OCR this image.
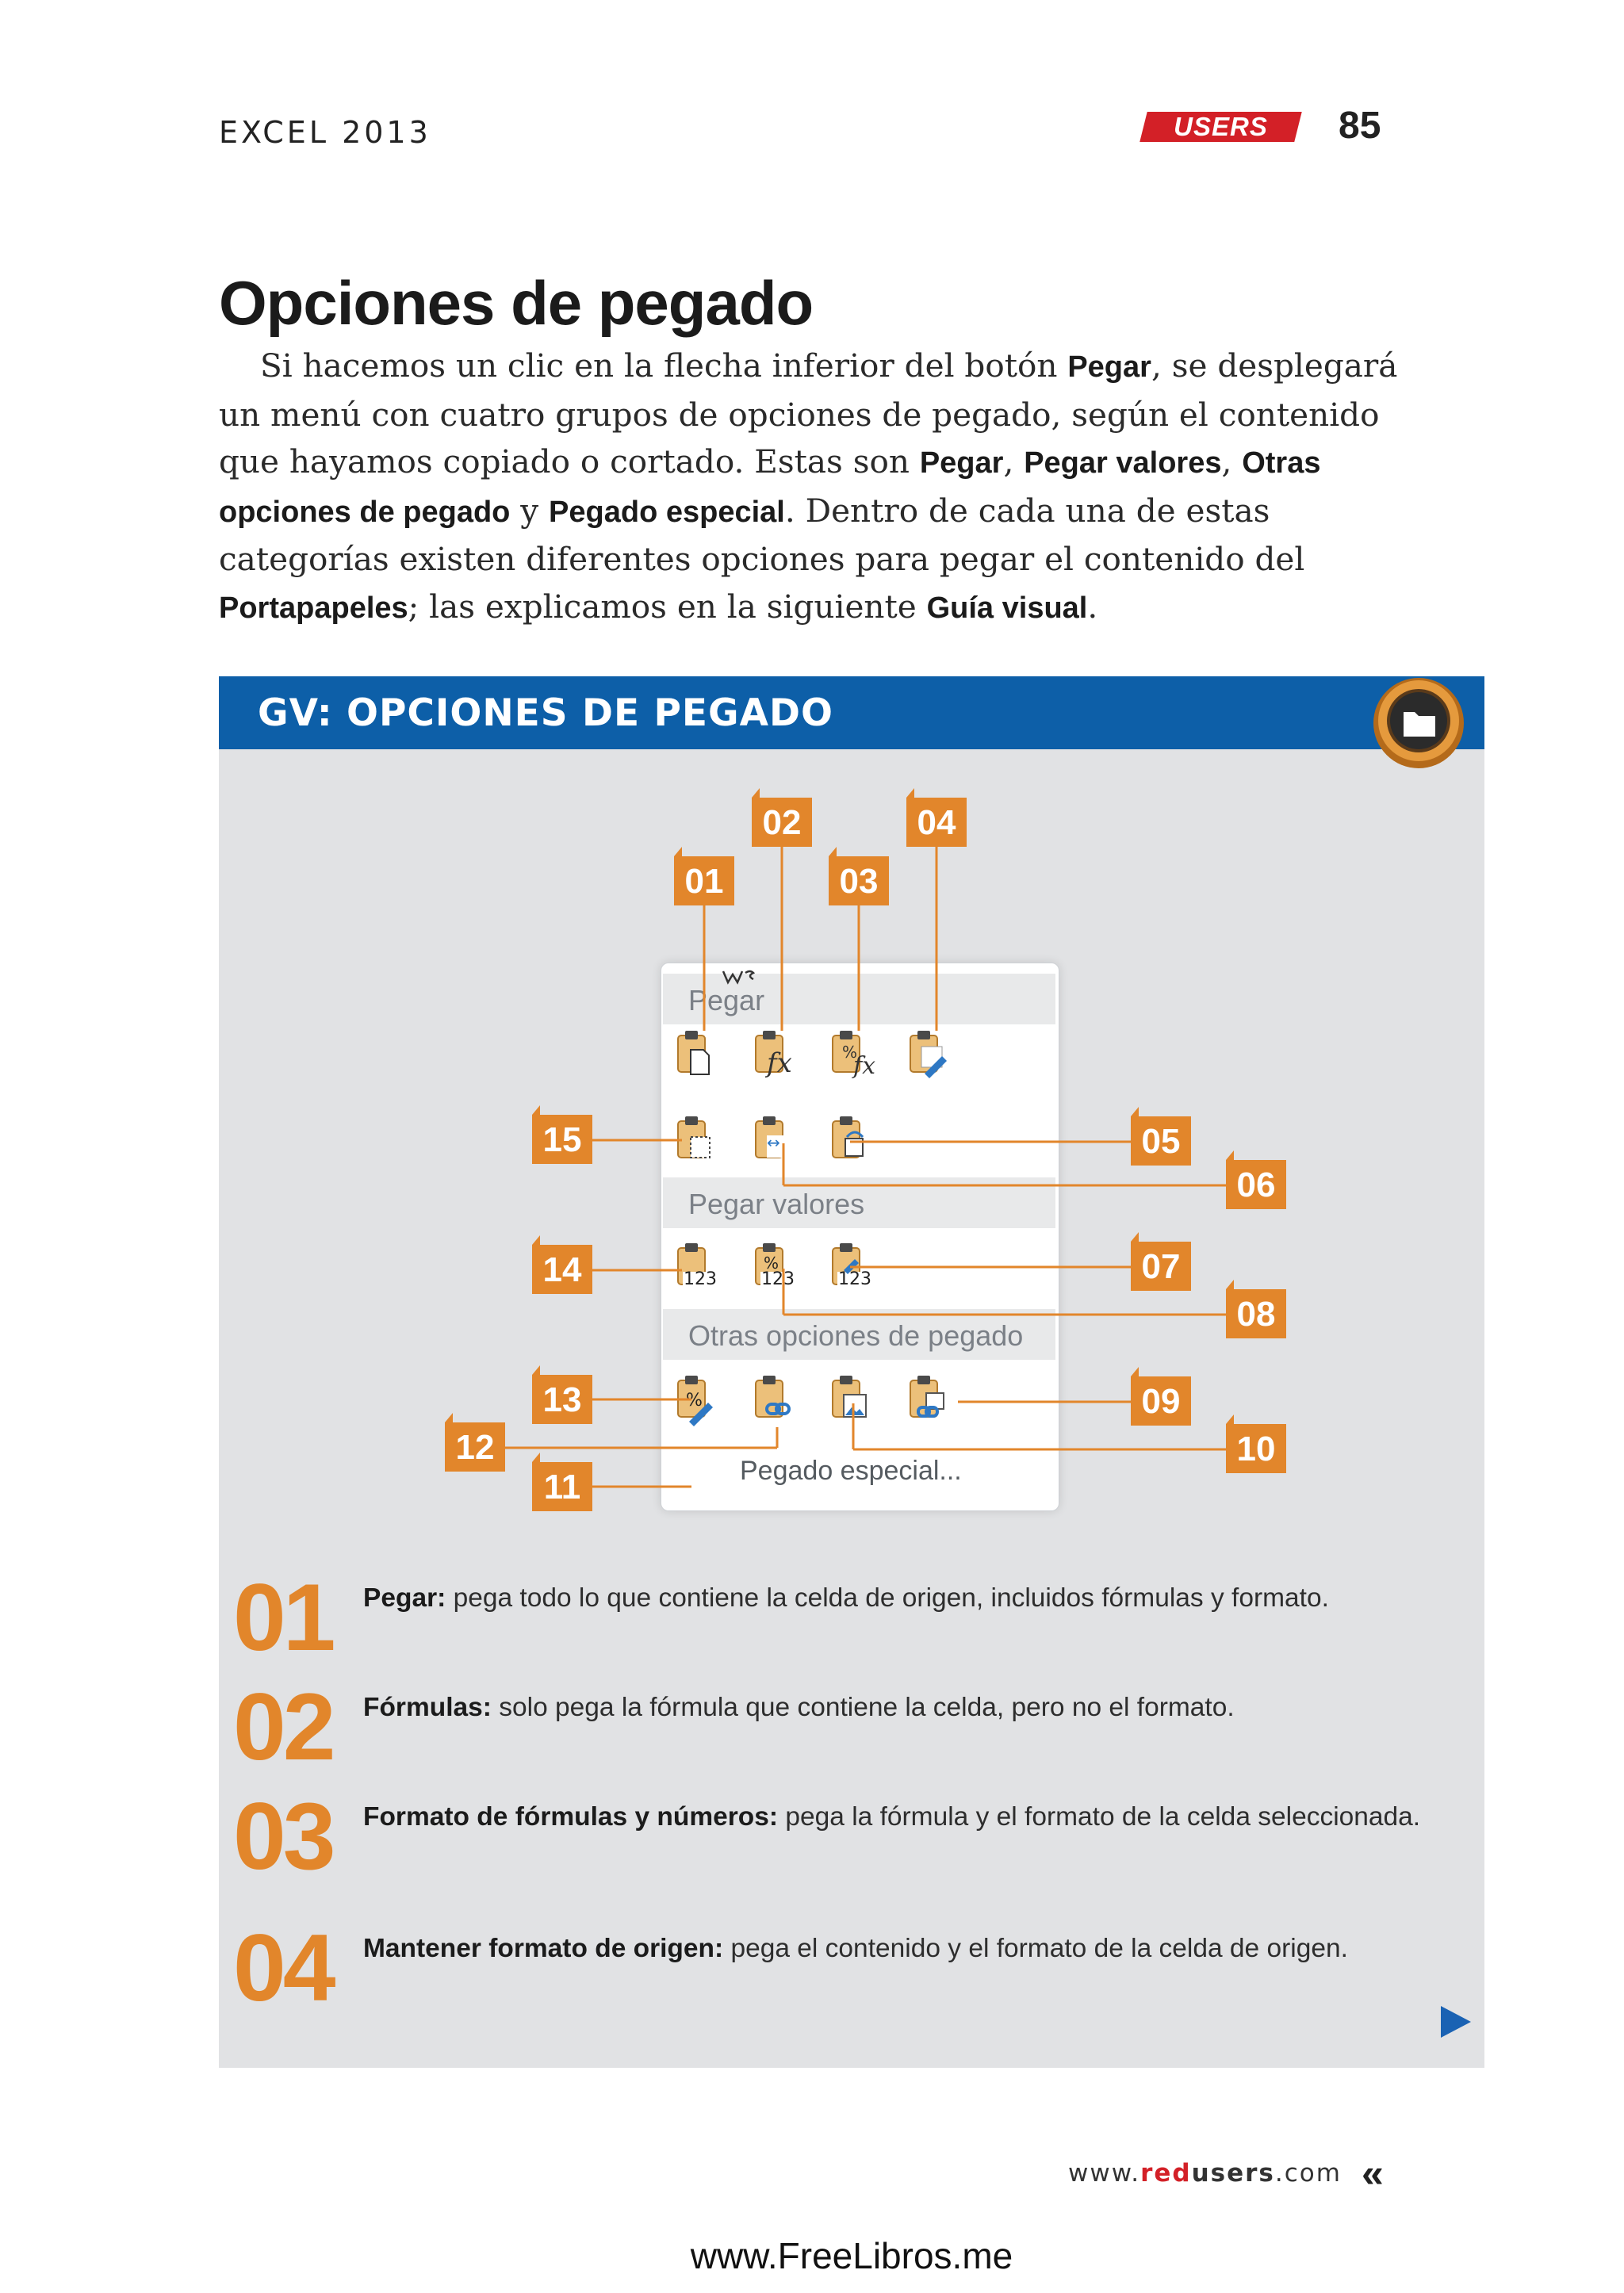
EXCEL 2013	USERS	85
Opciones de pegado
Si hacemos un clic en la flecha inferior del botón Pegar, se desplegará
un menú con cuatro grupos de opciones de pegado, según el contenido
que hayamos copiado o cortado. Estas son Pegar, Pegar valores, Otras
opciones de pegado y Pegado especial. Dentro de cada una de estas
categorías existen diferentes opciones para pegar el contenido del
Portapapeles; las explicamos en la siguiente Guía visual.
GV: OPCIONES DE PEGADO
Pegar
Pegar valores
Otras opciones de pegado
Pegado especial...
fx	%
fx
↔
123	123
%
123
%
01
02
03
04
05
06
07
08
09
10
11
12
13
14
15
01 Pegar: pega todo lo que contiene la celda de origen, incluidos fórmulas y formato.
02 Fórmulas: solo pega la fórmula que contiene la celda, pero no el formato.
03 Formato de fórmulas y números: pega la fórmula y el formato de la celda seleccionada.
04 Mantener formato de origen: pega el contenido y el formato de la celda de origen.
www.redusers.com «
www.FreeLibros.me
